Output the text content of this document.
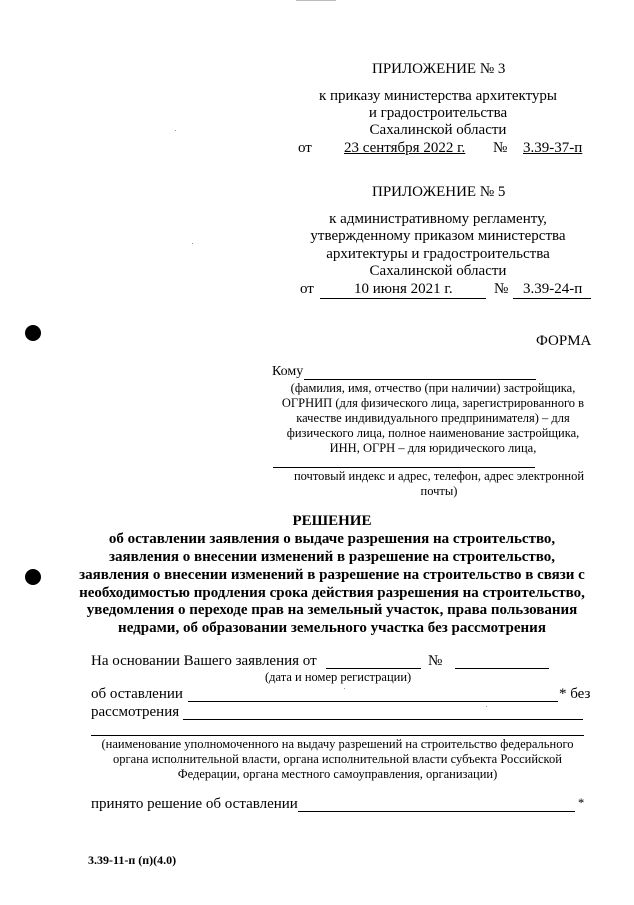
ПРИЛОЖЕНИЕ № 3
к приказу министерства архитектуры
и градостроительства
Сахалинской области
от 23 сентября 2022 г. № 3.39-37-п
ПРИЛОЖЕНИЕ № 5
к административному регламенту,
утвержденному приказом министерства
архитектуры и градостроительства
Сахалинской области
от	10 июня 2021 г.	№ 3.39-24-п
ФОРМА
Кому
(фамилия, имя, отчество (при наличии) застройщика,
ОГРНИП (для физического лица, зарегистрированного в
качестве индивидуального предпринимателя) – для
физического лица, полное наименование застройщика,
ИНН, ОГРН – для юридического лица,
почтовый индекс и адрес, телефон, адрес электронной
почты)
РЕШЕНИЕ
об оставлении заявления о выдаче разрешения на строительство,
заявления о внесении изменений в разрешение на строительство,
заявления о внесении изменений в разрешение на строительство в связи с
необходимостью продления срока действия разрешения на строительство,
уведомления о переходе прав на земельный участок, права пользования
недрами, об образовании земельного участка без рассмотрения
На основании Вашего заявления от	№
(дата и номер регистрации)
об оставлении	* без
рассмотрения
(наименование уполномоченного на выдачу разрешений на строительство федерального
органа исполнительной власти, органа исполнительной власти субъекта Российской
Федерации, органа местного самоуправления, организации)
принято решение об оставлении	*
3.39-11-п (п)(4.0)
